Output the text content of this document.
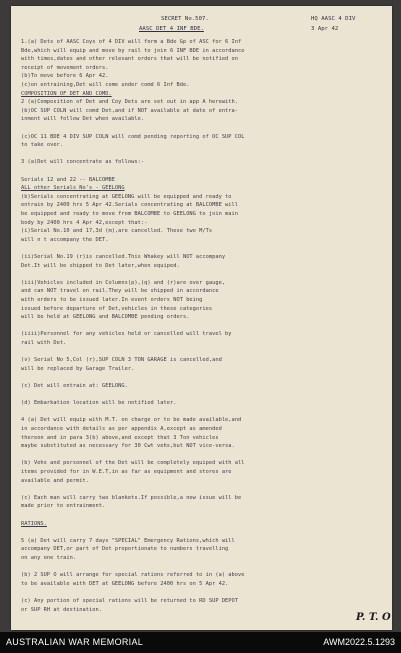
SECRET No.507.	HQ AASC 4 DIV
AASC DET 4 INF BDE.	3 Apr 42
1.(a) Dets of AASC Coys of 4 DIV will form a Bde Gp of ASC for 6 Inf
Bde,which will equip and move by rail to join 6 INF BDE in accordance
with times,dates and other relevant orders that will be notified on
receipt of movement orders.
(b)To move before 6 Apr 42.
(c)on entraining,Det will come under comd 6 Inf Bde.
COMPOSITION OF DET AND COMD.
2 (a)Composition of Det and Coy Dets are set out in app A herewith.
(b)OC SUP COLN will comd Det,and if NOT available at date of entra-
inment will follow Det when available.
(c)OC 11 BDE 4 DIV SUP COLN will comd pending reporting of OC SUP COL
to take over.
3 (a)Det will concentrate as follows:-
Serials 12 and 22 -- BALCOMBE
ALL other Serials No's - GEELONG
(b)Serials concentrating at GEELONG will be equipped and ready to
entrain by 2400 hrs 5 Apr 42.Serials concentrating at BALCOMBE will
be equipped and ready to move from BALCOMBE to GEELONG to join main
body by 2400 hrs 4 Apr 42,except that:-
(i)Serial No.10 and 17,3d (m),are cancelled. These two M/Ts
will n t accompany the DET.
(ii)Serial No.19 (r)is cancelled.This Whakey will NOT accompany
Det.It will be shipped to Det later,when equiped.
(iii)Vehicles included in Columns(p),(q) and (r)are over gauge,
and can NOT travel on rail.They will be shipped in accordance
with orders to be issued later.In event orders NOT being
issued before departure of Det,vehicles in these categories
will be held at GEELONG and BALCOMBE pending orders.
(iiii)Personnel for any vehicles held or cancelled will travel by
rail with Det.
(v) Serial No 5,Col (r),SUP COLN 3 TON GARAGE is cancelled,and
will be replaced by Garage Trailer.
(c) Det will entrain at: GEELONG.
(d) Embarkation location will be notified later.
4 (a) Det will equip with M.T. on charge or to be made available,and
in accordance with details as per appendix A,except as amended
thereon and in para 3(b) above,and except that 3 Ton vehicles
maybe substituted as necessary for 30 Cwt vehs,but NOT vice-versa.
(b) Vehs and personnel of the Det will be completely equiped with all
items provided for in W.E.T,in as far as equipment and stores are
available and permit.
(c) Each man will carry two blankets.If possible,a new issue will be
made prior to entrainment.
RATIONS.
5 (a) Det will carry 7 days "SPECIAL" Emergency Rations,which will
accompany DET,or part of Det proportionate to numbers travelling
on any one train.
(b) 2 SUP O will arrange for special rations referred to in (a) above
to be available with DET at GEELONG before 2400 hrs on 5 Apr 42.
(c) Any portion of special rations will be returned to RD SUP DEPOT
or SUP RH at destination.
P. T. O
AUSTRALIAN WAR MEMORIAL	AWM2022.5.1293
